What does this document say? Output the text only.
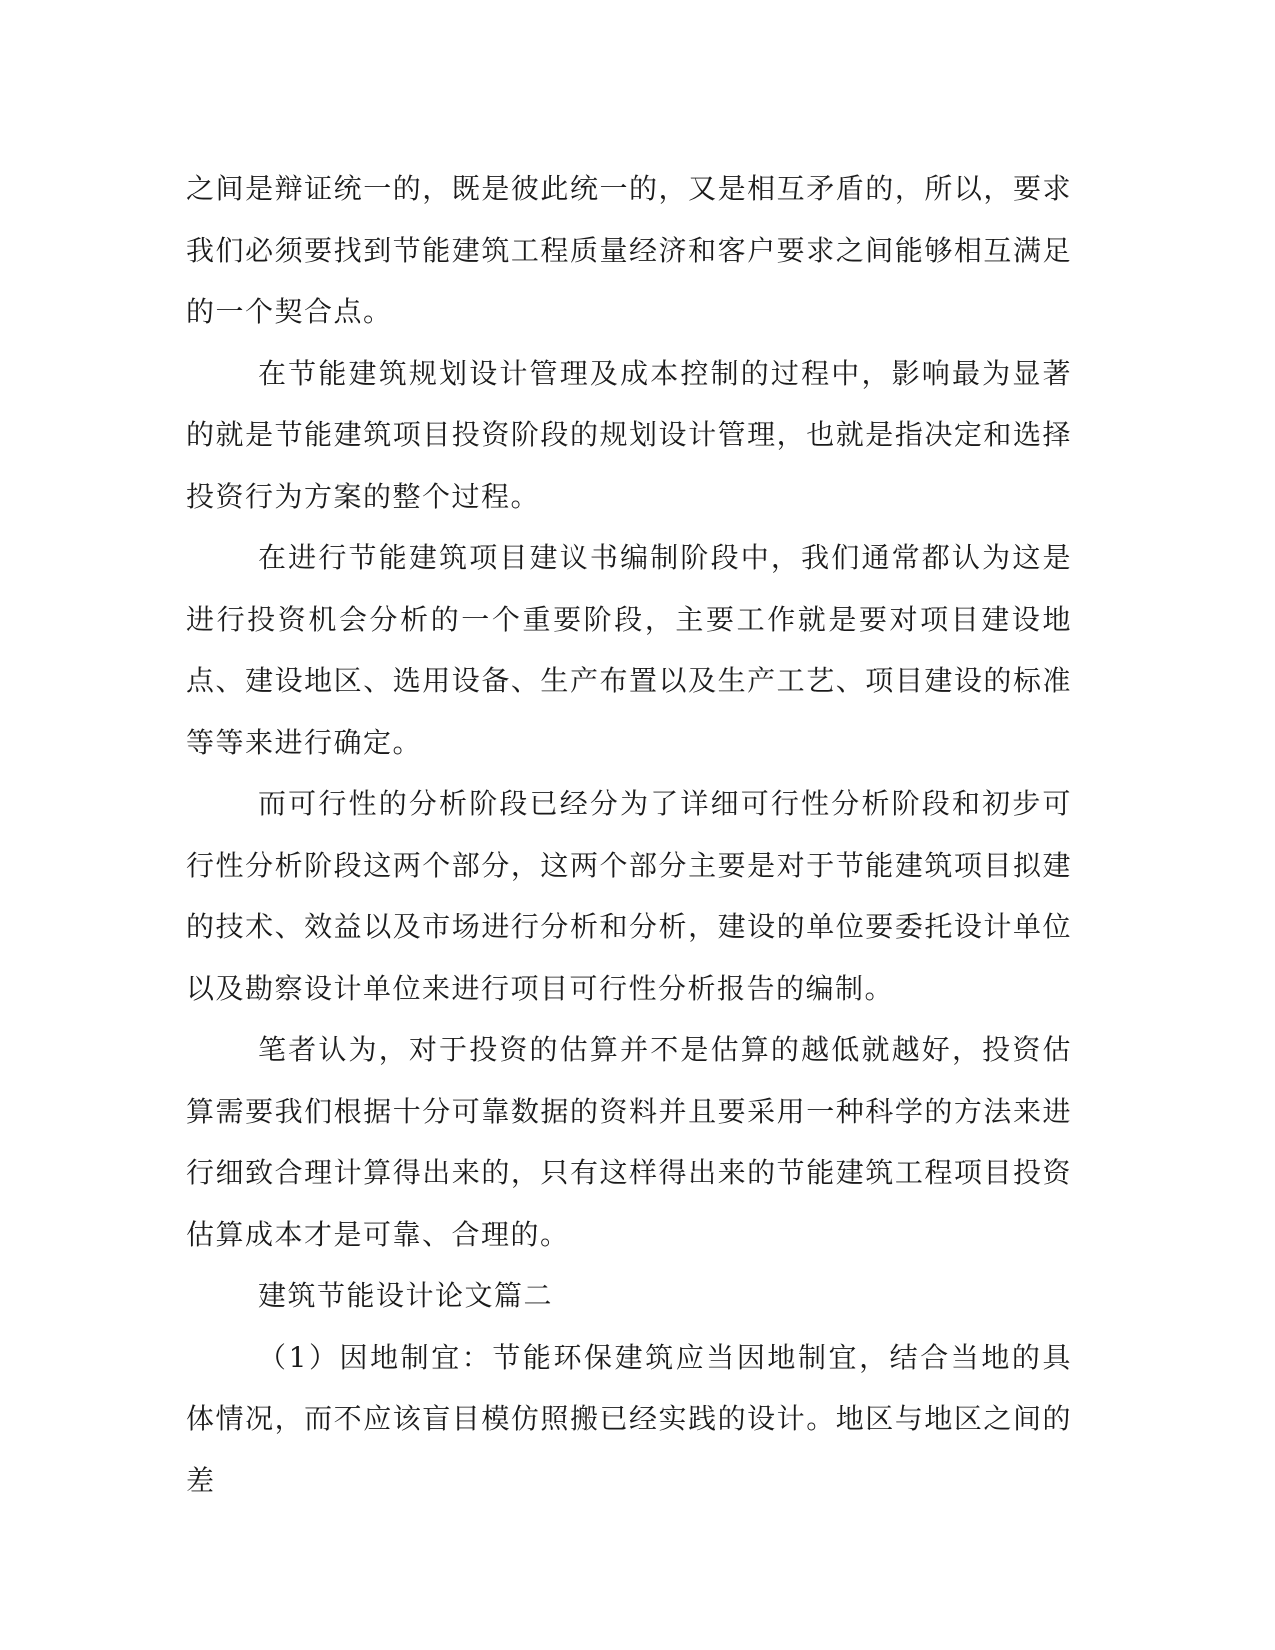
之间是辩证统一的，既是彼此统一的，又是相互矛盾的，所以，要求我们必须要找到节能建筑工程质量经济和客户要求之间能够相互满足的一个契合点。

在节能建筑规划设计管理及成本控制的过程中，影响最为显著的就是节能建筑项目投资阶段的规划设计管理，也就是指决定和选择投资行为方案的整个过程。

在进行节能建筑项目建议书编制阶段中，我们通常都认为这是进行投资机会分析的一个重要阶段，主要工作就是要对项目建设地点、建设地区、选用设备、生产布置以及生产工艺、项目建设的标准等等来进行确定。

而可行性的分析阶段已经分为了详细可行性分析阶段和初步可行性分析阶段这两个部分，这两个部分主要是对于节能建筑项目拟建的技术、效益以及市场进行分析和分析，建设的单位要委托设计单位以及勘察设计单位来进行项目可行性分析报告的编制。

笔者认为，对于投资的估算并不是估算的越低就越好，投资估算需要我们根据十分可靠数据的资料并且要采用一种科学的方法来进行细致合理计算得出来的，只有这样得出来的节能建筑工程项目投资估算成本才是可靠、合理的。

建筑节能设计论文篇二

（1）因地制宜：节能环保建筑应当因地制宜，结合当地的具体情况，而不应该盲目模仿照搬已经实践的设计。地区与地区之间的差
